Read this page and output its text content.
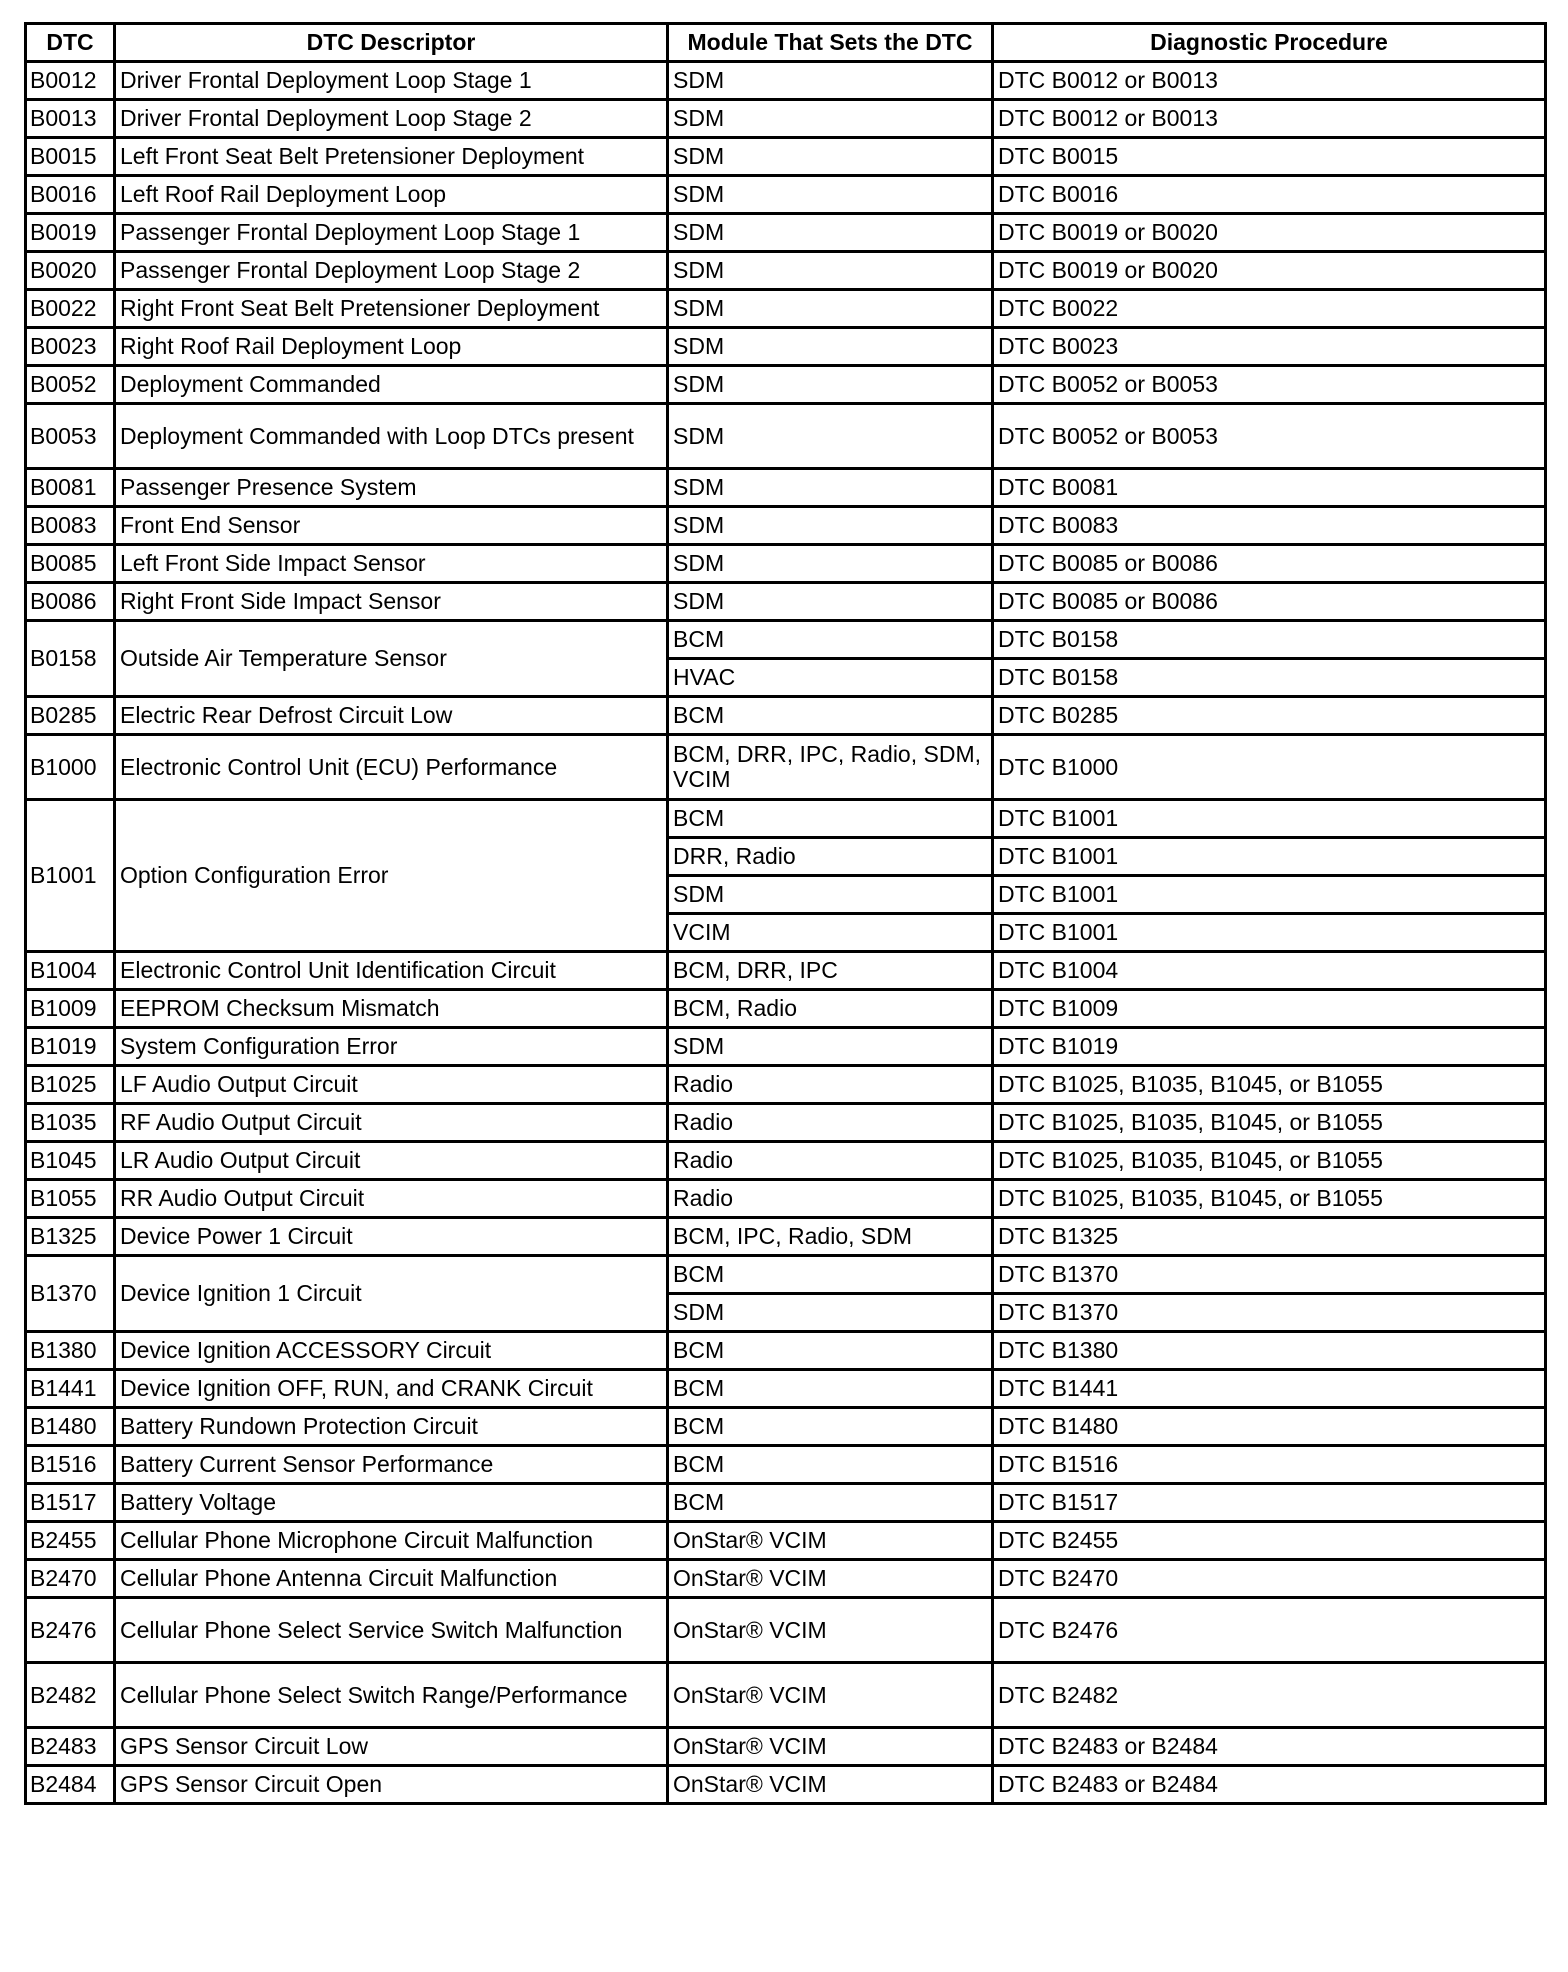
DTC	DTC Descriptor	Module That Sets the DTC	Diagnostic Procedure
B0012	Driver Frontal Deployment Loop Stage 1	SDM	DTC B0012 or B0013
B0013	Driver Frontal Deployment Loop Stage 2	SDM	DTC B0012 or B0013
B0015	Left Front Seat Belt Pretensioner Deployment	SDM	DTC B0015
B0016	Left Roof Rail Deployment Loop	SDM	DTC B0016
B0019	Passenger Frontal Deployment Loop Stage 1	SDM	DTC B0019 or B0020
B0020	Passenger Frontal Deployment Loop Stage 2	SDM	DTC B0019 or B0020
B0022	Right Front Seat Belt Pretensioner Deployment	SDM	DTC B0022
B0023	Right Roof Rail Deployment Loop	SDM	DTC B0023
B0052	Deployment Commanded	SDM	DTC B0052 or B0053
B0053	Deployment Commanded with Loop DTCs present	SDM	DTC B0052 or B0053
B0081	Passenger Presence System	SDM	DTC B0081
B0083	Front End Sensor	SDM	DTC B0083
B0085	Left Front Side Impact Sensor	SDM	DTC B0085 or B0086
B0086	Right Front Side Impact Sensor	SDM	DTC B0085 or B0086
B0158	Outside Air Temperature Sensor	BCM	DTC B0158
		HVAC	DTC B0158
B0285	Electric Rear Defrost Circuit Low	BCM	DTC B0285
B1000	Electronic Control Unit (ECU) Performance	BCM, DRR, IPC, Radio, SDM, VCIM	DTC B1000
B1001	Option Configuration Error	BCM	DTC B1001
		DRR, Radio	DTC B1001
		SDM	DTC B1001
		VCIM	DTC B1001
B1004	Electronic Control Unit Identification Circuit	BCM, DRR, IPC	DTC B1004
B1009	EEPROM Checksum Mismatch	BCM, Radio	DTC B1009
B1019	System Configuration Error	SDM	DTC B1019
B1025	LF Audio Output Circuit	Radio	DTC B1025, B1035, B1045, or B1055
B1035	RF Audio Output Circuit	Radio	DTC B1025, B1035, B1045, or B1055
B1045	LR Audio Output Circuit	Radio	DTC B1025, B1035, B1045, or B1055
B1055	RR Audio Output Circuit	Radio	DTC B1025, B1035, B1045, or B1055
B1325	Device Power 1 Circuit	BCM, IPC, Radio, SDM	DTC B1325
B1370	Device Ignition 1 Circuit	BCM	DTC B1370
		SDM	DTC B1370
B1380	Device Ignition ACCESSORY Circuit	BCM	DTC B1380
B1441	Device Ignition OFF, RUN, and CRANK Circuit	BCM	DTC B1441
B1480	Battery Rundown Protection Circuit	BCM	DTC B1480
B1516	Battery Current Sensor Performance	BCM	DTC B1516
B1517	Battery Voltage	BCM	DTC B1517
B2455	Cellular Phone Microphone Circuit Malfunction	OnStar® VCIM	DTC B2455
B2470	Cellular Phone Antenna Circuit Malfunction	OnStar® VCIM	DTC B2470
B2476	Cellular Phone Select Service Switch Malfunction	OnStar® VCIM	DTC B2476
B2482	Cellular Phone Select Switch Range/Performance	OnStar® VCIM	DTC B2482
B2483	GPS Sensor Circuit Low	OnStar® VCIM	DTC B2483 or B2484
B2484	GPS Sensor Circuit Open	OnStar® VCIM	DTC B2483 or B2484
